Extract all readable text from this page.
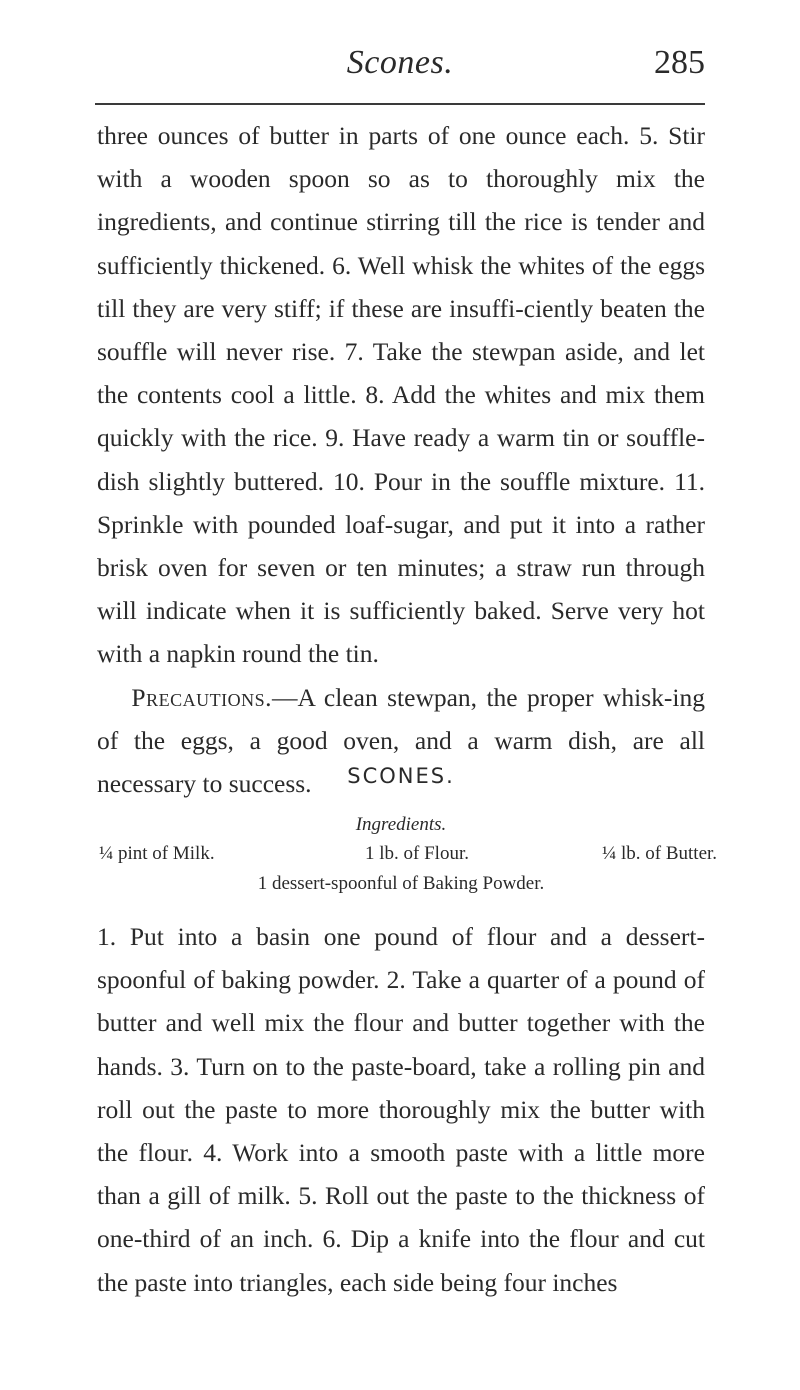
Scones.	285

three ounces of butter in parts of one ounce each. 5. Stir with a wooden spoon so as to thoroughly mix the ingredients, and continue stirring till the rice is tender and sufficiently thickened. 6. Well whisk the whites of the eggs till they are very stiff; if these are insuffi-ciently beaten the souffle will never rise. 7. Take the stewpan aside, and let the contents cool a little. 8. Add the whites and mix them quickly with the rice. 9. Have ready a warm tin or souffle-dish slightly buttered. 10. Pour in the souffle mixture. 11. Sprinkle with pounded loaf-sugar, and put it into a rather brisk oven for seven or ten minutes; a straw run through will indicate when it is sufficiently baked. Serve very hot with a napkin round the tin.

Precautions.—A clean stewpan, the proper whisk-ing of the eggs, a good oven, and a warm dish, are all necessary to success.	SCONES.
Ingredients.
¼ pint of Milk.	1 lb. of Flour.	¼ lb. of Butter.
1 dessert-spoonful of Baking Powder.

1. Put into a basin one pound of flour and a dessert-spoonful of baking powder. 2. Take a quarter of a pound of butter and well mix the flour and butter together with the hands. 3. Turn on to the paste-board, take a rolling pin and roll out the paste to more thoroughly mix the butter with the flour. 4. Work into a smooth paste with a little more than a gill of milk. 5. Roll out the paste to the thickness of one-third of an inch. 6. Dip a knife into the flour and cut the paste into triangles, each side being four inches
